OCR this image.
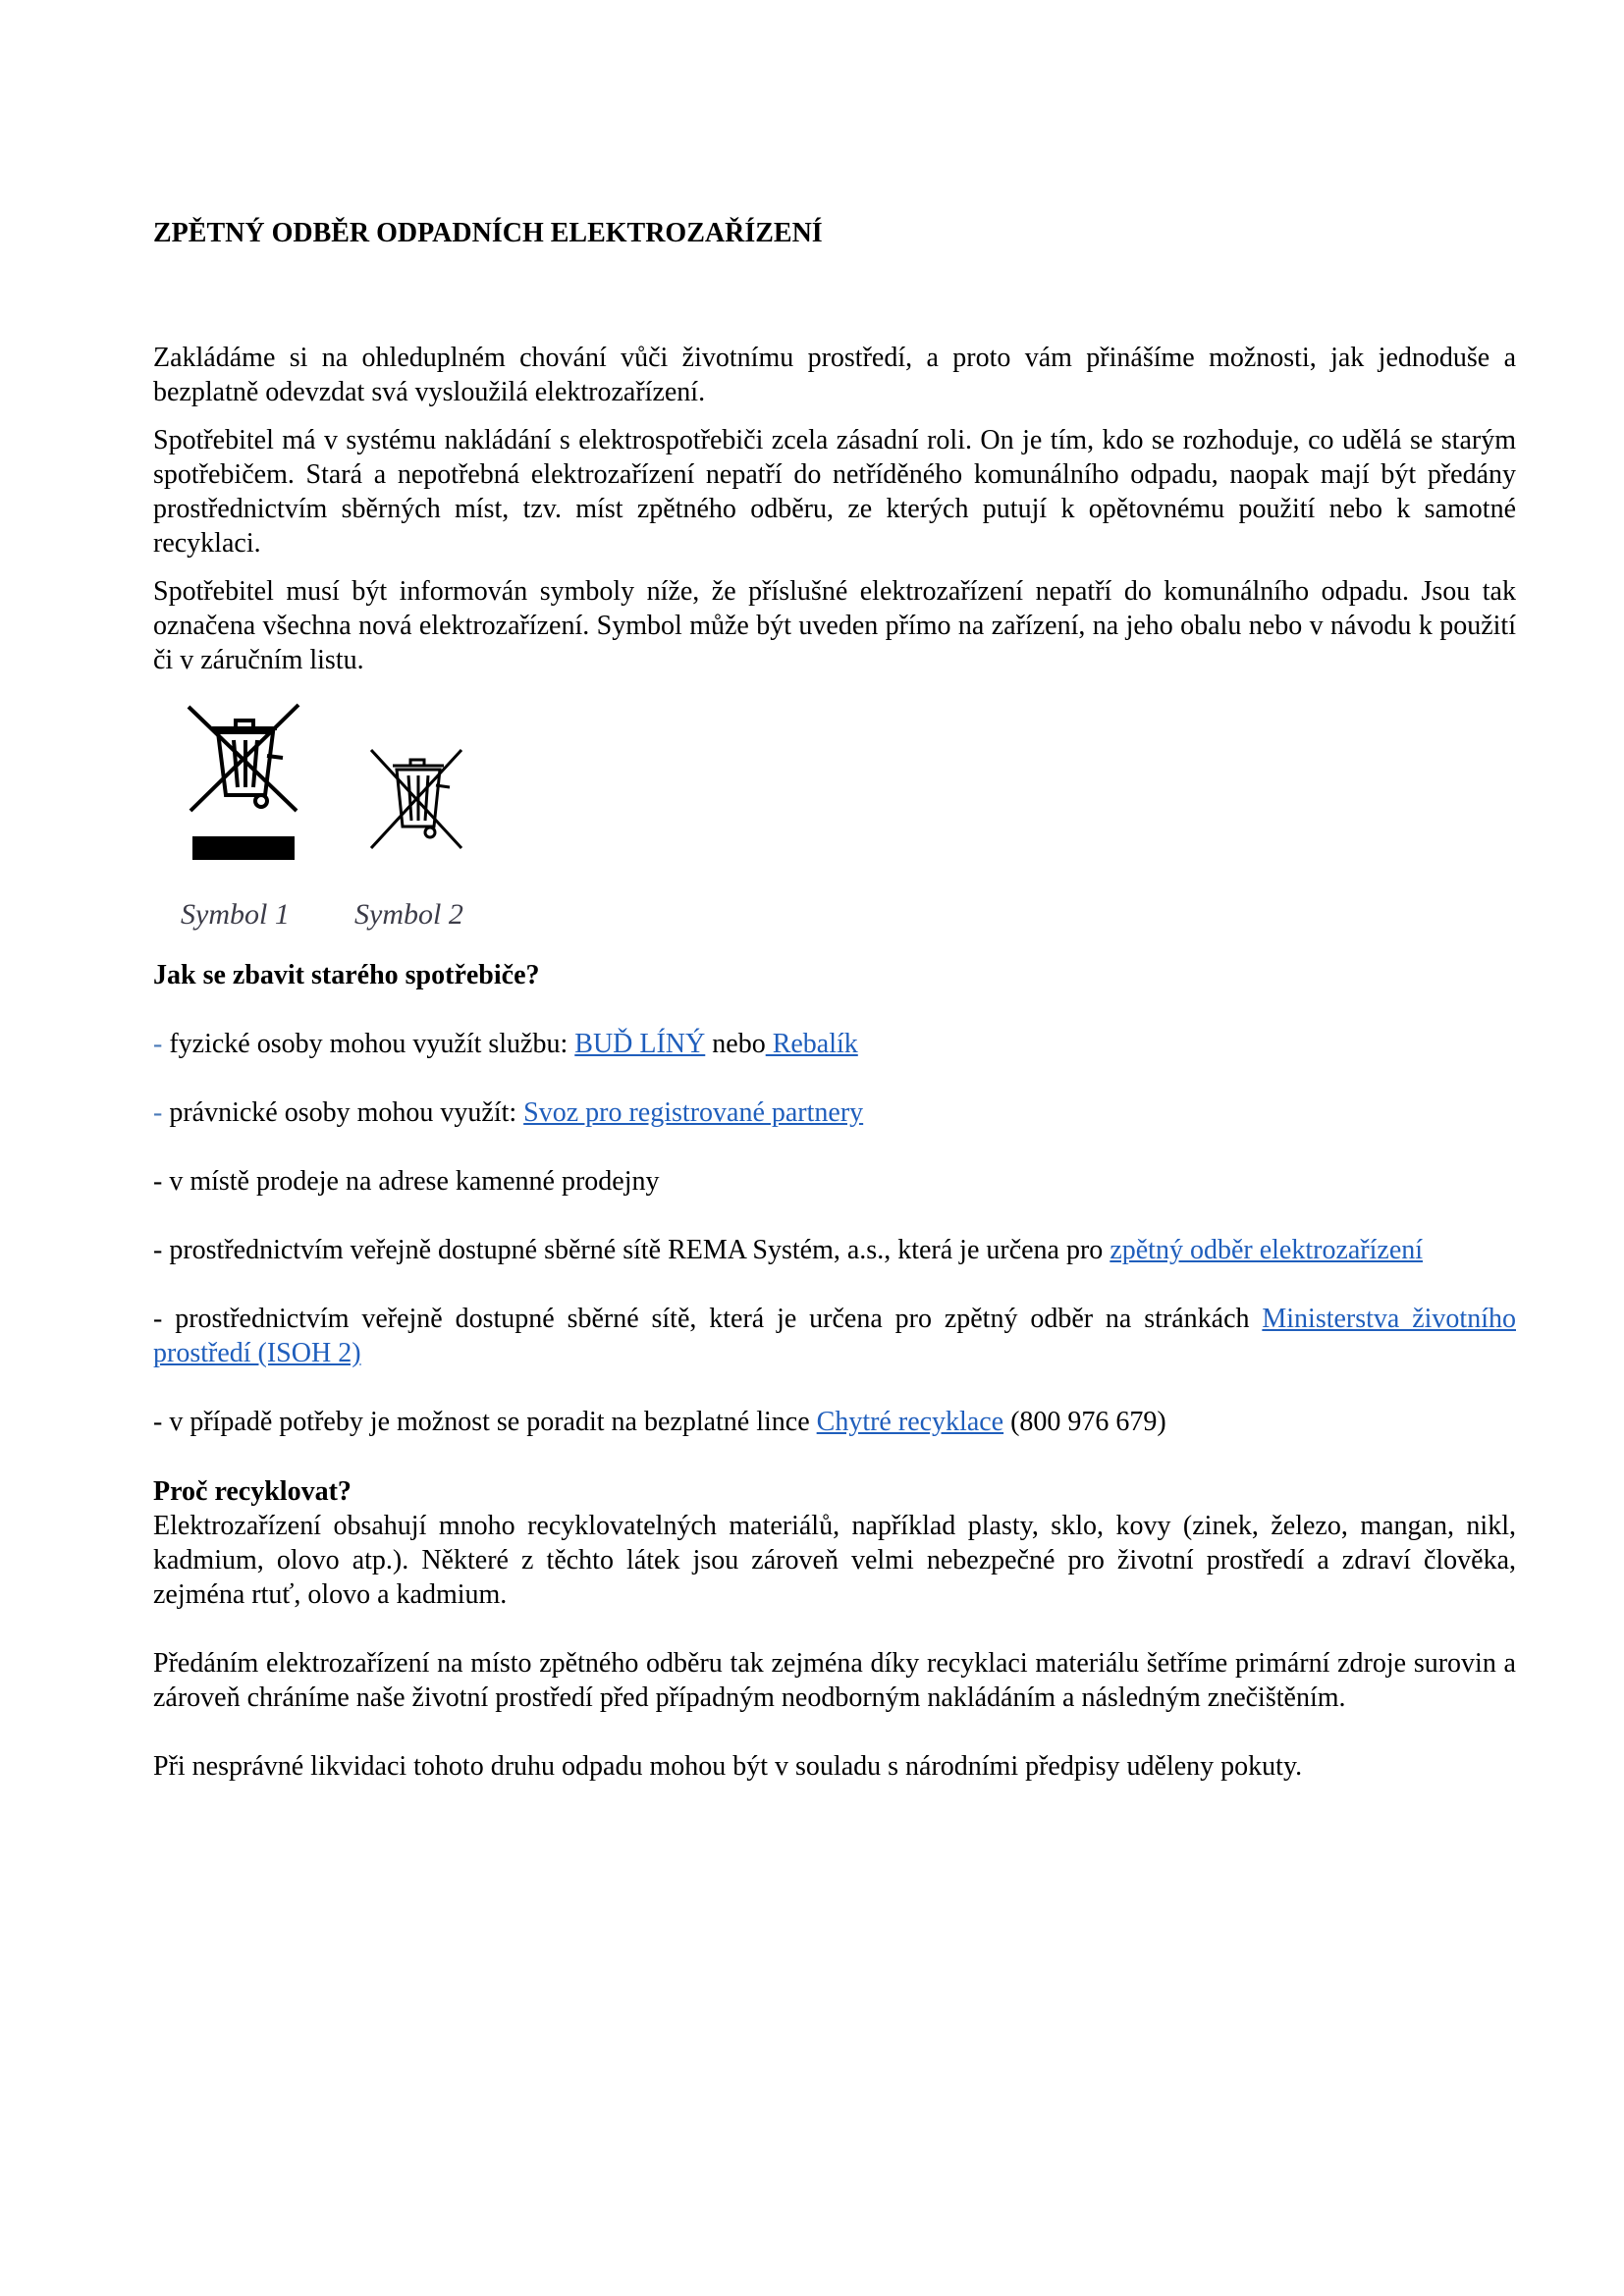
ZPĚTNÝ ODBĚR ODPADNÍCH ELEKTROZAŘÍZENÍ

Zakládáme si na ohleduplném chování vůči životnímu prostředí, a proto vám přinášíme možnosti, jak jednoduše a bezplatně odevzdat svá vysloužilá elektrozařízení.

Spotřebitel má v systému nakládání s elektrospotřebiči zcela zásadní roli. On je tím, kdo se rozhoduje, co udělá se starým spotřebičem. Stará a nepotřebná elektrozařízení nepatří do netříděného komunálního odpadu, naopak mají být předány prostřednictvím sběrných míst, tzv. míst zpětného odběru, ze kterých putují k opětovnému použití nebo k samotné recyklaci.

Spotřebitel musí být informován symboly níže, že příslušné elektrozařízení nepatří do komunálního odpadu. Jsou tak označena všechna nová elektrozařízení. Symbol může být uveden přímo na zařízení, na jeho obalu nebo v návodu k použití či v záručním listu.

Symbol 1 Symbol 2
Jak se zbavit starého spotřebiče?

- fyzické osoby mohou využít službu: BUĎ LÍNÝ nebo Rebalík

- právnické osoby mohou využít: Svoz pro registrované partnery

- v místě prodeje na adrese kamenné prodejny

- prostřednictvím veřejně dostupné sběrné sítě REMA Systém, a.s., která je určena pro zpětný odběr elektrozařízení

- prostřednictvím veřejně dostupné sběrné sítě, která je určena pro zpětný odběr na stránkách Ministerstva životního prostředí (ISOH 2)

- v případě potřeby je možnost se poradit na bezplatné lince Chytré recyklace (800 976 679)

Proč recyklovat?

Elektrozařízení obsahují mnoho recyklovatelných materiálů, například plasty, sklo, kovy (zinek, železo, mangan, nikl, kadmium, olovo atp.). Některé z těchto látek jsou zároveň velmi nebezpečné pro životní prostředí a zdraví člověka, zejména rtuť, olovo a kadmium.

Předáním elektrozařízení na místo zpětného odběru tak zejména díky recyklaci materiálu šetříme primární zdroje surovin a zároveň chráníme naše životní prostředí před případným neodborným nakládáním a následným znečištěním.

Při nesprávné likvidaci tohoto druhu odpadu mohou být v souladu s národními předpisy uděleny pokuty.
